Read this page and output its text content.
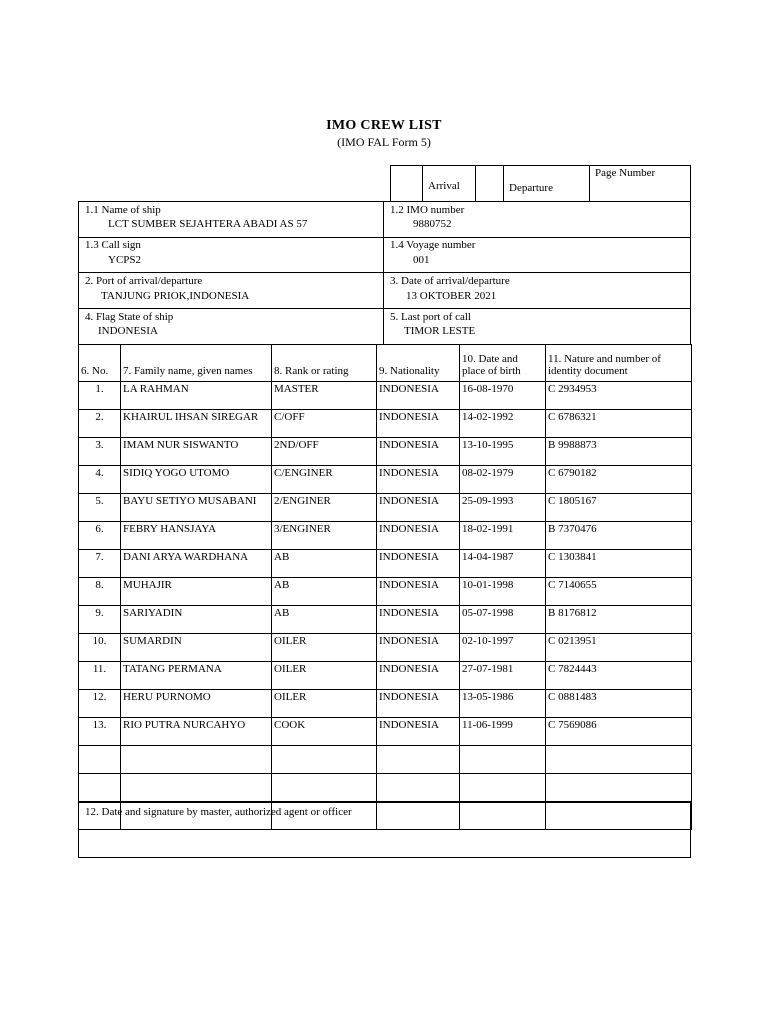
IMO CREW LIST
(IMO FAL Form 5)
Arrival	Departure
Page Number
1.1 Name of ship
LCT SUMBER SEJAHTERA ABADI AS 57
1.2 IMO number
9880752
1.3 Call sign
YCPS2
1.4 Voyage number
001
2. Port of arrival/departure
TANJUNG PRIOK,INDONESIA
3. Date of arrival/departure
13 OKTOBER 2021
4. Flag State of ship
INDONESIA
5. Last port of call
TIMOR LESTE
6. No.	7. Family name, given names	8. Rank or rating	9. Nationality	10. Date and place of birth	11. Nature and number of identity document
1.	LA RAHMAN	MASTER	INDONESIA	16-08-1970	C 2934953
2.	KHAIRUL IHSAN SIREGAR	C/OFF	INDONESIA	14-02-1992	C 6786321
3.	IMAM NUR SISWANTO	2ND/OFF	INDONESIA	13-10-1995	B 9988873
4.	SIDIQ YOGO UTOMO	C/ENGINER	INDONESIA	08-02-1979	C 6790182
5.	BAYU SETIYO MUSABANI	2/ENGINER	INDONESIA	25-09-1993	C 1805167
6.	FEBRY HANSJAYA	3/ENGINER	INDONESIA	18-02-1991	B 7370476
7.	DANI ARYA WARDHANA	AB	INDONESIA	14-04-1987	C 1303841
8.	MUHAJIR	AB	INDONESIA	10-01-1998	C 7140655
9.	SARIYADIN	AB	INDONESIA	05-07-1998	B 8176812
10.	SUMARDIN	OILER	INDONESIA	02-10-1997	C 0213951
11.	TATANG PERMANA	OILER	INDONESIA	27-07-1981	C 7824443
12.	HERU PURNOMO	OILER	INDONESIA	13-05-1986	C 0881483
13.	RIO PUTRA NURCAHYO	COOK	INDONESIA	11-06-1999	C 7569086

12. Date and signature by master, authorized agent or officer
